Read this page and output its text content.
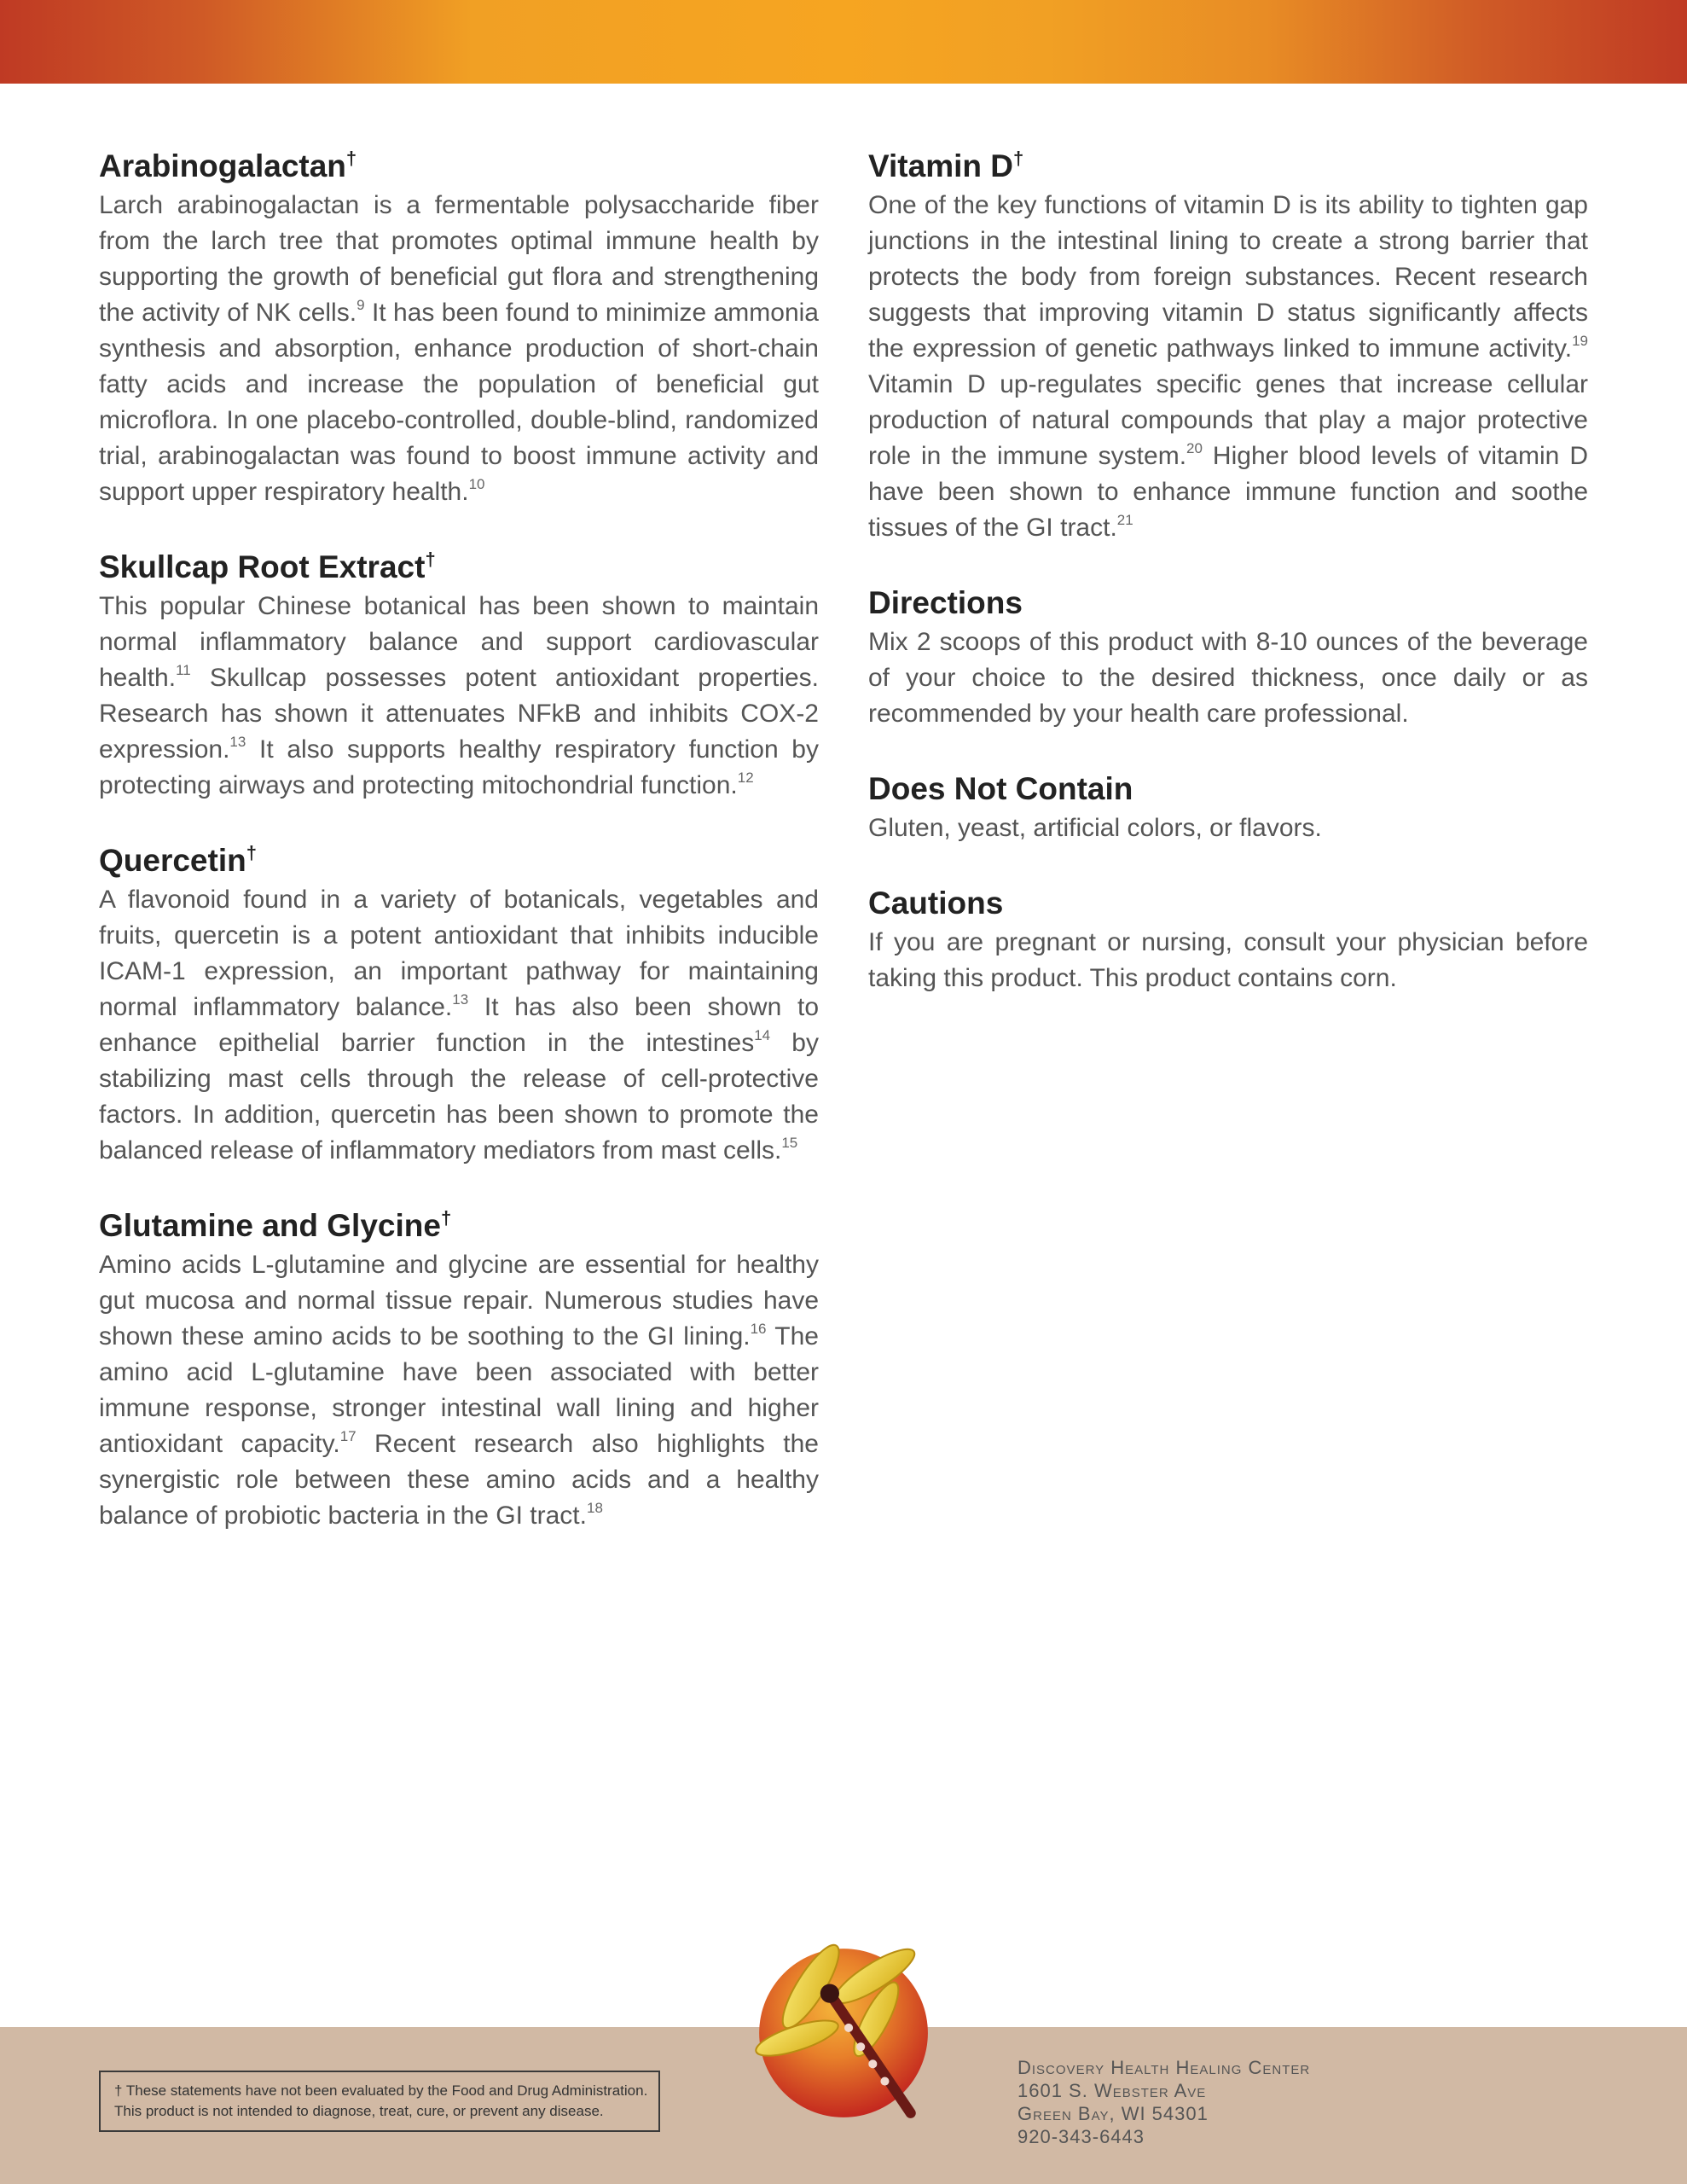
Arabinogalactan†

Larch arabinogalactan is a fermentable polysaccharide fiber from the larch tree that promotes optimal immune health by supporting the growth of beneficial gut flora and strengthening the activity of NK cells.$^9$ It has been found to minimize ammonia synthesis and absorption, enhance production of short-chain fatty acids and increase the population of beneficial gut microflora. In one placebo-controlled, double-blind, randomized trial, arabinogalactan was found to boost immune activity and support upper respiratory health.$^{10}$

Skullcap Root Extract†

This popular Chinese botanical has been shown to maintain normal inflammatory balance and support cardiovascular health.$^{11}$ Skullcap possesses potent antioxidant properties. Research has shown it attenuates NFkB and inhibits COX-2 expression.$^{13}$ It also supports healthy respiratory function by protecting airways and protecting mitochondrial function.$^{12}$

Quercetin†

A flavonoid found in a variety of botanicals, vegetables and fruits, quercetin is a potent antioxidant that inhibits inducible ICAM-1 expression, an important pathway for maintaining normal inflammatory balance.$^{13}$ It has also been shown to enhance epithelial barrier function in the intestines$^{14}$ by stabilizing mast cells through the release of cell-protective factors. In addition, quercetin has been shown to promote the balanced release of inflammatory mediators from mast cells.$^{15}$

Glutamine and Glycine†

Amino acids L-glutamine and glycine are essential for healthy gut mucosa and normal tissue repair. Numerous studies have shown these amino acids to be soothing to the GI lining.$^{16}$ The amino acid L-glutamine have been associated with better immune response, stronger intestinal wall lining and higher antioxidant capacity.$^{17}$ Recent research also highlights the synergistic role between these amino acids and a healthy balance of probiotic bacteria in the GI tract.$^{18}$

Vitamin D†

One of the key functions of vitamin D is its ability to tighten gap junctions in the intestinal lining to create a strong barrier that protects the body from foreign substances. Recent research suggests that improving vitamin D status significantly affects the expression of genetic pathways linked to immune activity.$^{19}$ Vitamin D up-regulates specific genes that increase cellular production of natural compounds that play a major protective role in the immune system.$^{20}$ Higher blood levels of vitamin D have been shown to enhance immune function and soothe tissues of the GI tract.$^{21}$

Directions

Mix 2 scoops of this product with 8-10 ounces of the beverage of your choice to the desired thickness, once daily or as recommended by your health care professional.

Does Not Contain

Gluten, yeast, artificial colors, or flavors.

Cautions

If you are pregnant or nursing, consult your physician before taking this product. This product contains corn.

† These statements have not been evaluated by the Food and Drug Administration.
This product is not intended to diagnose, treat, cure, or prevent any disease.
Discovery Health Healing Center
1601 S. Webster Ave
Green Bay, WI 54301
920-343-6443
